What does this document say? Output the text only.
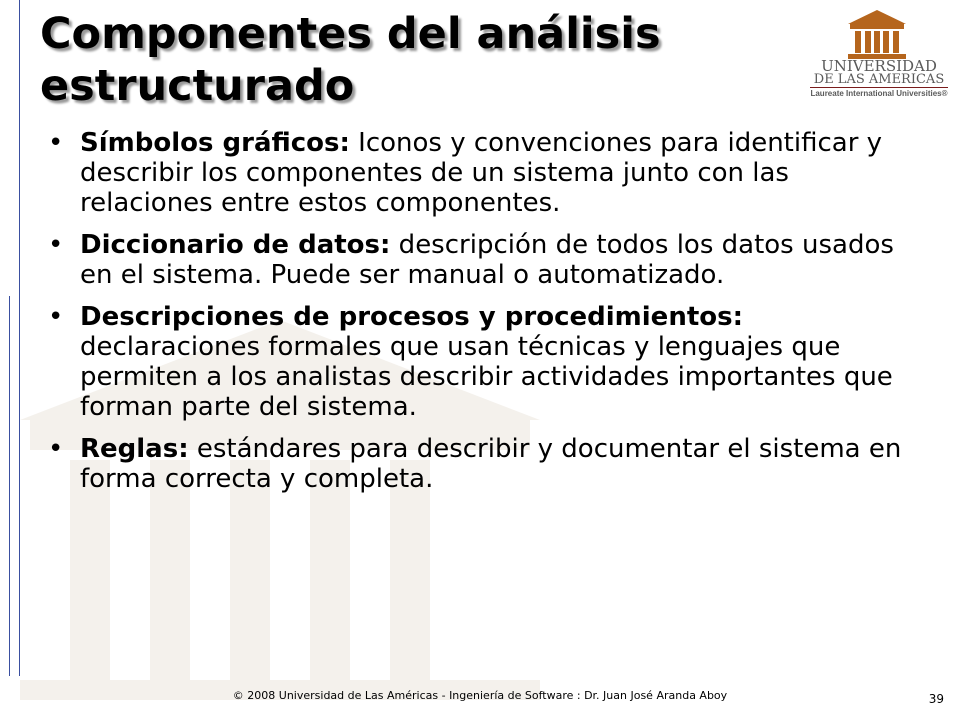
Componentes del análisis estructurado	UNIVERSIDAD
DE LAS AMERICAS
Laureate International Universities®
• Símbolos gráficos: Iconos y convenciones para identificar y describir los componentes de un sistema junto con las relaciones entre estos componentes.
• Diccionario de datos: descripción de todos los datos usados en el sistema. Puede ser manual o automatizado.
• Descripciones de procesos y procedimientos: declaraciones formales que usan técnicas y lenguajes que permiten a los analistas describir actividades importantes que forman parte del sistema.
• Reglas: estándares para describir y documentar el sistema en forma correcta y completa.
© 2008 Universidad de Las Américas - Ingeniería de Software : Dr. Juan José Aranda Aboy	39
